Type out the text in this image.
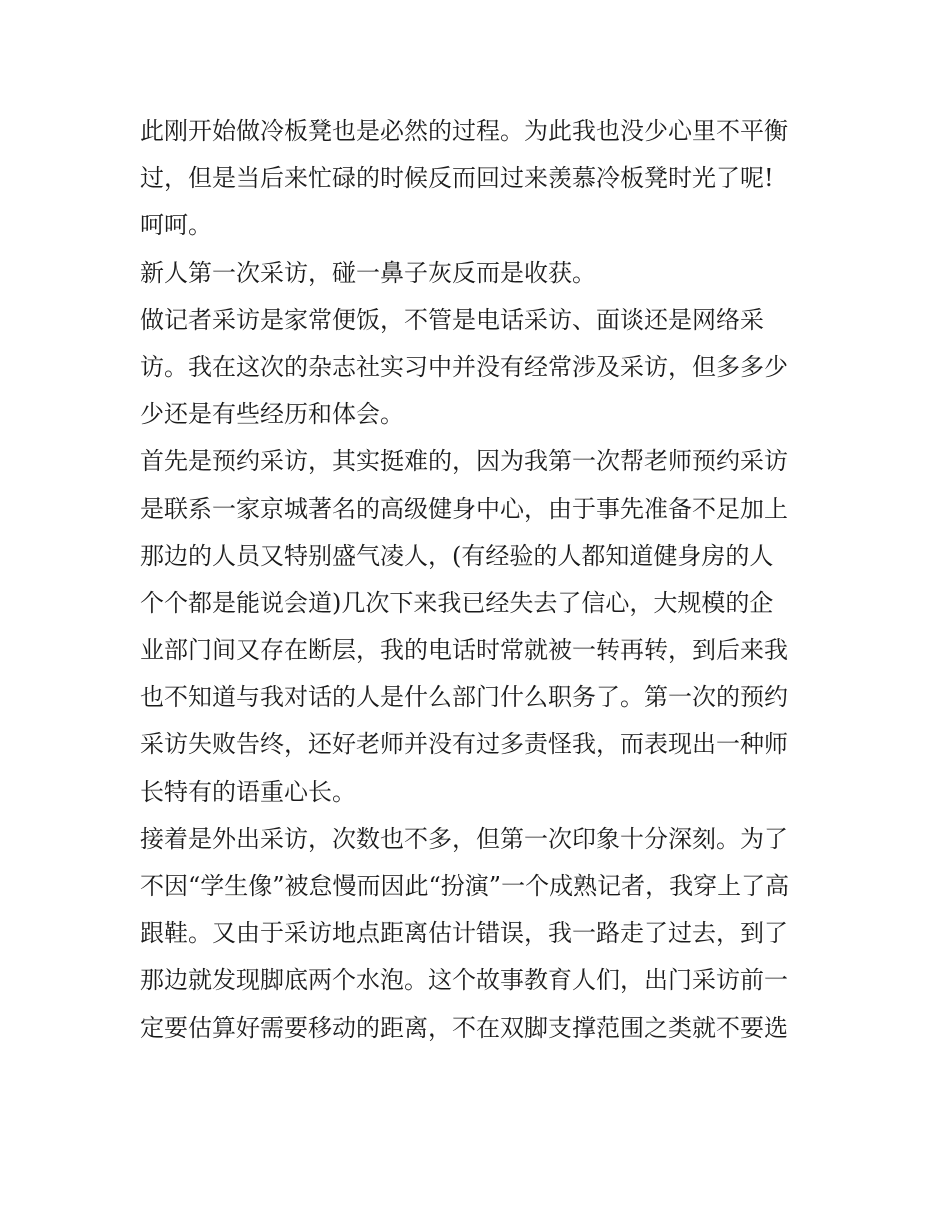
此刚开始做冷板凳也是必然的过程。为此我也没少心里不平衡
过，但是当后来忙碌的时候反而回过来羡慕冷板凳时光了呢!
呵呵。
新人第一次采访，碰一鼻子灰反而是收获。
做记者采访是家常便饭，不管是电话采访、面谈还是网络采
访。我在这次的杂志社实习中并没有经常涉及采访，但多多少
少还是有些经历和体会。
首先是预约采访，其实挺难的，因为我第一次帮老师预约采访
是联系一家京城著名的高级健身中心，由于事先准备不足加上
那边的人员又特别盛气凌人，(有经验的人都知道健身房的人
个个都是能说会道)几次下来我已经失去了信心，大规模的企
业部门间又存在断层，我的电话时常就被一转再转，到后来我
也不知道与我对话的人是什么部门什么职务了。第一次的预约
采访失败告终，还好老师并没有过多责怪我，而表现出一种师
长特有的语重心长。
接着是外出采访，次数也不多，但第一次印象十分深刻。为了
不因“学生像”被怠慢而因此“扮演”一个成熟记者，我穿上了高
跟鞋。又由于采访地点距离估计错误，我一路走了过去，到了
那边就发现脚底两个水泡。这个故事教育人们，出门采访前一
定要估算好需要移动的距离，不在双脚支撑范围之类就不要选
